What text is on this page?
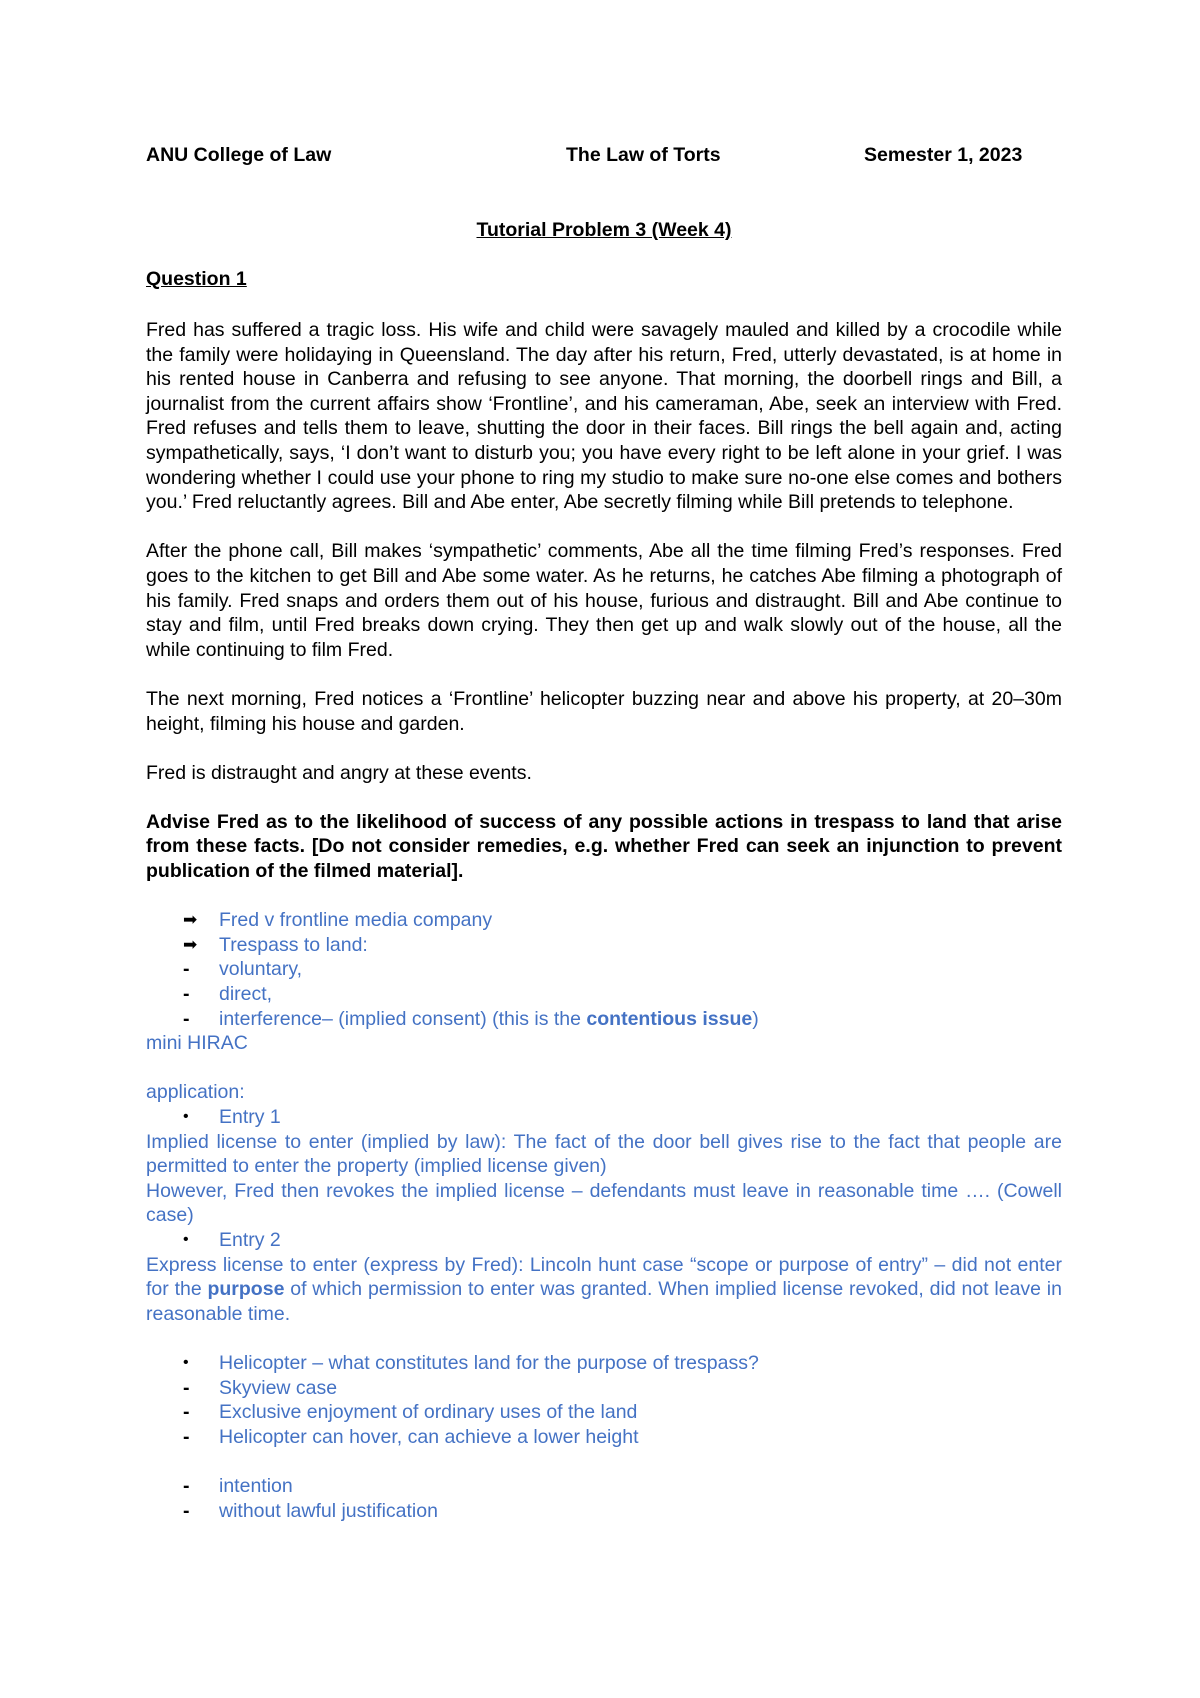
ANU College of Law	The Law of Torts	Semester 1, 2023
Tutorial Problem 3 (Week 4)
Question 1

Fred has suffered a tragic loss. His wife and child were savagely mauled and killed by a crocodile while the family were holidaying in Queensland. The day after his return, Fred, utterly devastated, is at home in his rented house in Canberra and refusing to see anyone. That morning, the doorbell rings and Bill, a journalist from the current affairs show ‘Frontline’, and his cameraman, Abe, seek an interview with Fred. Fred refuses and tells them to leave, shutting the door in their faces. Bill rings the bell again and, acting sympathetically, says, ‘I don’t want to disturb you; you have every right to be left alone in your grief. I was wondering whether I could use your phone to ring my studio to make sure no-one else comes and bothers you.’ Fred reluctantly agrees. Bill and Abe enter, Abe secretly filming while Bill pretends to telephone.

After the phone call, Bill makes ‘sympathetic’ comments, Abe all the time filming Fred’s responses. Fred goes to the kitchen to get Bill and Abe some water. As he returns, he catches Abe filming a photograph of his family. Fred snaps and orders them out of his house, furious and distraught. Bill and Abe continue to stay and film, until Fred breaks down crying. They then get up and walk slowly out of the house, all the while continuing to film Fred.

The next morning, Fred notices a ‘Frontline’ helicopter buzzing near and above his property, at 20–30m height, filming his house and garden.

Fred is distraught and angry at these events.

Advise Fred as to the likelihood of success of any possible actions in trespass to land that arise from these facts. [Do not consider remedies, e.g. whether Fred can seek an injunction to prevent publication of the filmed material].

➡	Fred v frontline media company
➡	Trespass to land:
-	voluntary,
-	direct,
-	interference– (implied consent) (this is the contentious issue)
mini HIRAC
application:
•	Entry 1
Implied license to enter (implied by law): The fact of the door bell gives rise to the fact that people are permitted to enter the property (implied license given)
However, Fred then revokes the implied license – defendants must leave in reasonable time …. (Cowell case)
•	Entry 2
Express license to enter (express by Fred): Lincoln hunt case “scope or purpose of entry” – did not enter for the purpose of which permission to enter was granted. When implied license revoked, did not leave in reasonable time.
•	Helicopter – what constitutes land for the purpose of trespass?
-	Skyview case
-	Exclusive enjoyment of ordinary uses of the land
-	Helicopter can hover, can achieve a lower height
-	intention
-	without lawful justification
